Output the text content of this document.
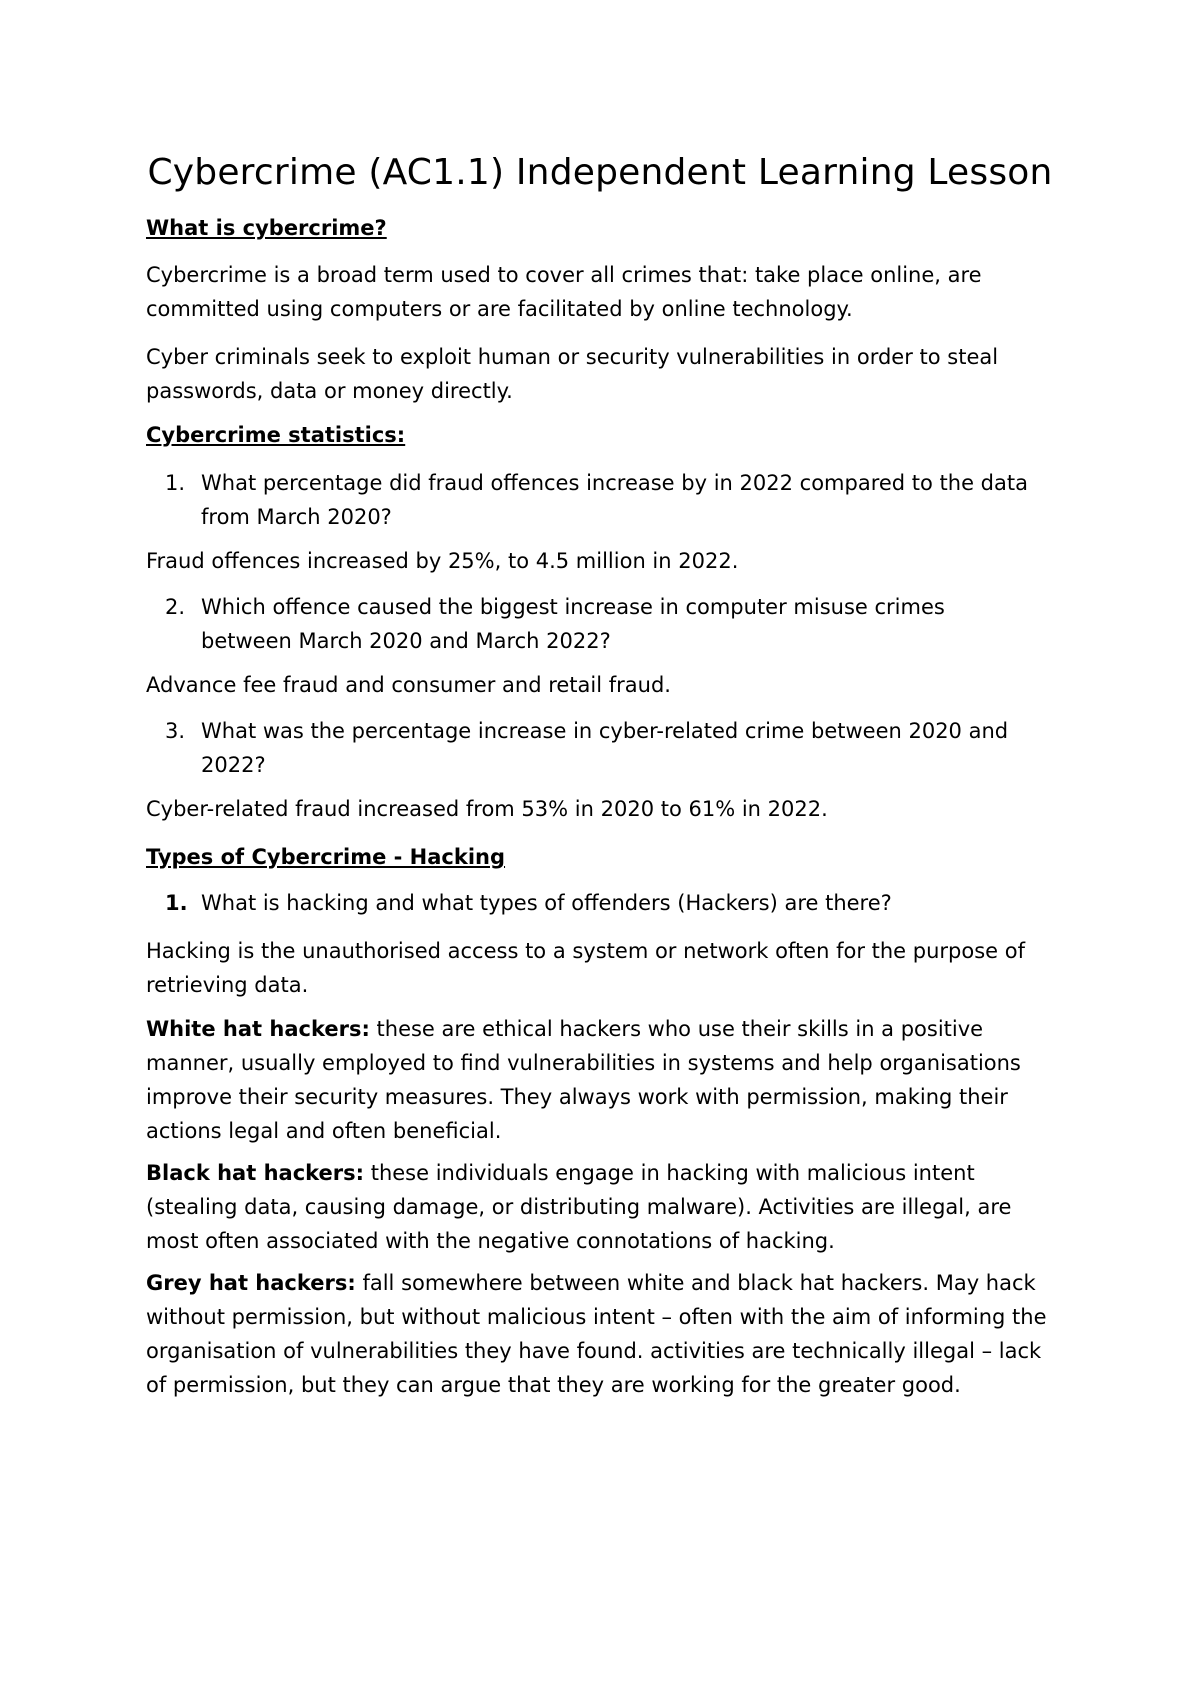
Cybercrime (AC1.1) Independent Learning Lesson

What is cybercrime?

Cybercrime is a broad term used to cover all crimes that: take place online, are committed using computers or are facilitated by online technology.

Cyber criminals seek to exploit human or security vulnerabilities in order to steal passwords, data or money directly.

Cybercrime statistics:

1. What percentage did fraud offences increase by in 2022 compared to the data from March 2020?

Fraud offences increased by 25%, to 4.5 million in 2022.

2. Which offence caused the biggest increase in computer misuse crimes between March 2020 and March 2022?

Advance fee fraud and consumer and retail fraud.

3. What was the percentage increase in cyber-related crime between 2020 and 2022?

Cyber-related fraud increased from 53% in 2020 to 61% in 2022.

Types of Cybercrime - Hacking

1. What is hacking and what types of offenders (Hackers) are there?

Hacking is the unauthorised access to a system or network often for the purpose of retrieving data.

White hat hackers: these are ethical hackers who use their skills in a positive manner, usually employed to find vulnerabilities in systems and help organisations improve their security measures. They always work with permission, making their actions legal and often beneficial.

Black hat hackers: these individuals engage in hacking with malicious intent (stealing data, causing damage, or distributing malware). Activities are illegal, are most often associated with the negative connotations of hacking.

Grey hat hackers: fall somewhere between white and black hat hackers. May hack without permission, but without malicious intent – often with the aim of informing the organisation of vulnerabilities they have found. activities are technically illegal – lack of permission, but they can argue that they are working for the greater good.
